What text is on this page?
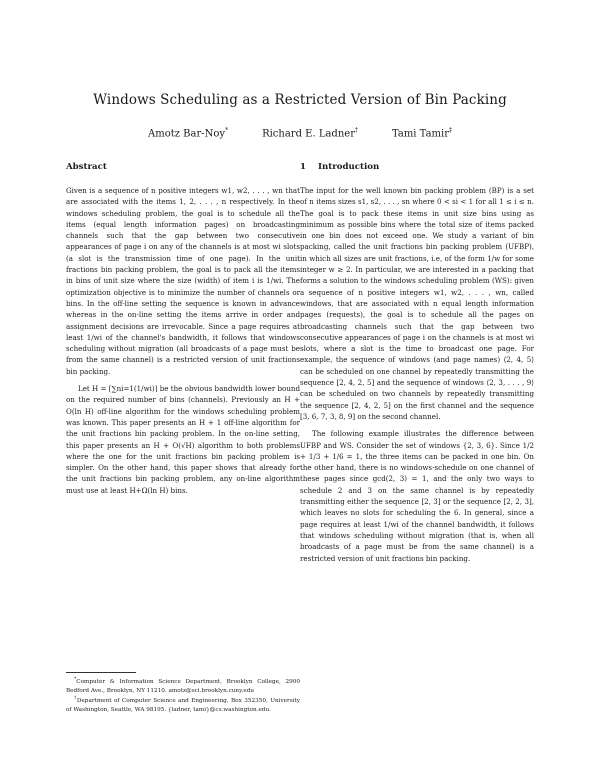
Windows Scheduling as a Restricted Version of Bin Packing
Amotz Bar-Noy*	Richard E. Ladner†	Tami Tamir‡
Abstract

Given is a sequence of n positive integers w1, w2, . . . , wn that are associated with the items 1, 2, . . . , n respectively. In the windows scheduling problem, the goal is to schedule all the items (equal length information pages) on broadcasting channels such that the gap between two consecutive appearances of page i on any of the channels is at most wi slots (a slot is the transmission time of one page). In the unit fractions bin packing problem, the goal is to pack all the items in bins of unit size where the size (width) of item i is 1/wi. The optimization objective is to minimize the number of channels or bins. In the off-line setting the sequence is known in advance whereas in the on-line setting the items arrive in order and assignment decisions are irrevocable. Since a page requires at least 1/wi of the channel's bandwidth, it follows that windows scheduling without migration (all broadcasts of a page must be from the same channel) is a restricted version of unit fractions bin packing.

Let H = ⌈∑ni=1(1/wi)⌉ be the obvious bandwidth lower bound on the required number of bins (channels). Previously an H + O(ln H) off-line algorithm for the windows scheduling problem was known. This paper presents an H + 1 off-line algorithm for the unit fractions bin packing problem. In the on-line setting, this paper presents an H + O(√H) algorithm to both problems where the one for the unit fractions bin packing problem is simpler. On the other hand, this paper shows that already for the unit fractions bin packing problem, any on-line algorithm must use at least H+Ω(ln H) bins.

1 Introduction

The input for the well known bin packing problem (BP) is a set of n items sizes s1, s2, . . . , sn where 0 < si < 1 for all 1 ≤ i ≤ n. The goal is to pack these items in unit size bins using as minimum as possible bins where the total size of items packed in one bin does not exceed one. We study a variant of bin packing, called the unit fractions bin packing problem (UFBP), in which all sizes are unit fractions, i.e, of the form 1/w for some integer w ≥ 2. In particular, we are interested in a packing that forms a solution to the windows scheduling problem (WS): given a sequence of n positive integers w1, w2, . . . , wn, called windows, that are associated with n equal length information pages (requests), the goal is to schedule all the pages on broadcasting channels such that the gap between two consecutive appearances of page i on the channels is at most wi slots, where a slot is the time to broadcast one page. For example, the sequence of windows (and page names) ⟨2, 4, 5⟩ can be scheduled on one channel by repeatedly transmitting the sequence [2, 4, 2, 5] and the sequence of windows ⟨2, 3, . . . , 9⟩ can be scheduled on two channels by repeatedly transmitting the sequence [2, 4, 2, 5] on the first channel and the sequence [3, 6, 7, 3, 8, 9] on the second channel.

The following example illustrates the difference between UFBP and WS. Consider the set of windows {2, 3, 6}. Since 1/2 + 1/3 + 1/6 = 1, the three items can be packed in one bin. On the other hand, there is no windows-schedule on one channel of these pages since gcd(2, 3) = 1, and the only two ways to schedule 2 and 3 on the same channel is by repeatedly transmitting either the sequence [2, 3] or the sequence [2, 2, 3], which leaves no slots for scheduling the 6. In general, since a page requires at least 1/wi of the channel bandwidth, it follows that windows scheduling without migration (that is, when all broadcasts of a page must be from the same channel) is a restricted version of unit fractions bin packing.

*Computer & Information Science Department, Brooklyn College, 2900 Bedford Ave., Brooklyn, NY 11210. amotz@sci.brooklyn.cuny.edu

†Department of Computer Science and Engineering, Box 352350, University of Washington, Seattle, WA 98195. {ladner, tami}@cs.washington.edu.
